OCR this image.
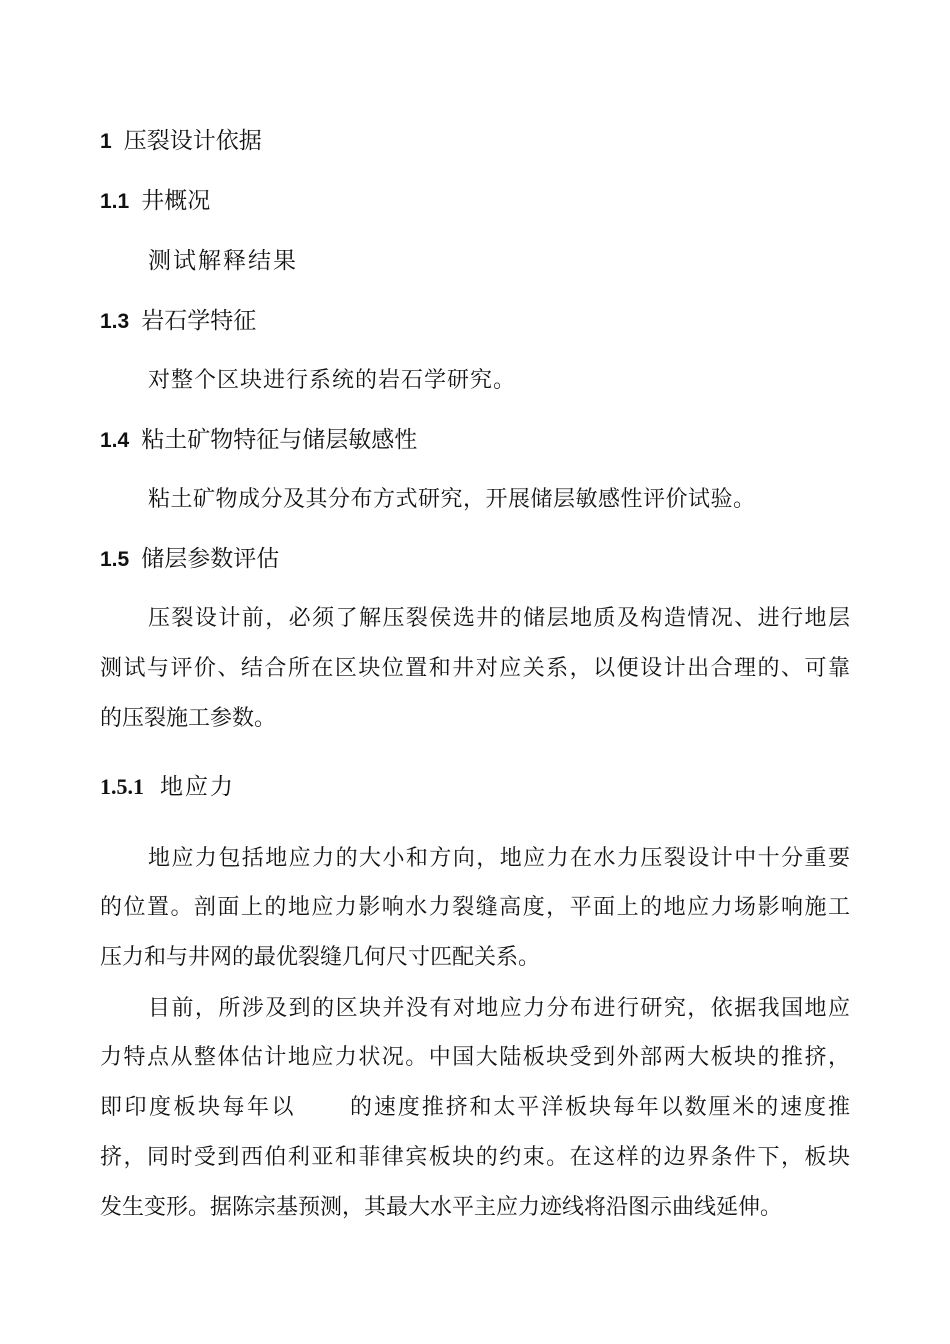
1 压裂设计依据
1.1 井概况
测试解释结果
1.3 岩石学特征
对整个区块进行系统的岩石学研究。
1.4 粘土矿物特征与储层敏感性
粘土矿物成分及其分布方式研究，开展储层敏感性评价试验。
1.5 储层参数评估
压裂设计前，必须了解压裂侯选井的储层地质及构造情况、进行地层
测试与评价、结合所在区块位置和井对应关系，以便设计出合理的、可靠
的压裂施工参数。
1.5.1 地应力
地应力包括地应力的大小和方向，地应力在水力压裂设计中十分重要
的位置。剖面上的地应力影响水力裂缝高度，平面上的地应力场影响施工
压力和与井网的最优裂缝几何尺寸匹配关系。
目前，所涉及到的区块并没有对地应力分布进行研究，依据我国地应
力特点从整体估计地应力状况。中国大陆板块受到外部两大板块的推挤，
即印度板块每年以 的速度推挤和太平洋板块每年以数厘米的速度推
挤，同时受到西伯利亚和菲律宾板块的约束。在这样的边界条件下，板块
发生变形。据陈宗基预测，其最大水平主应力迹线将沿图示曲线延伸。
